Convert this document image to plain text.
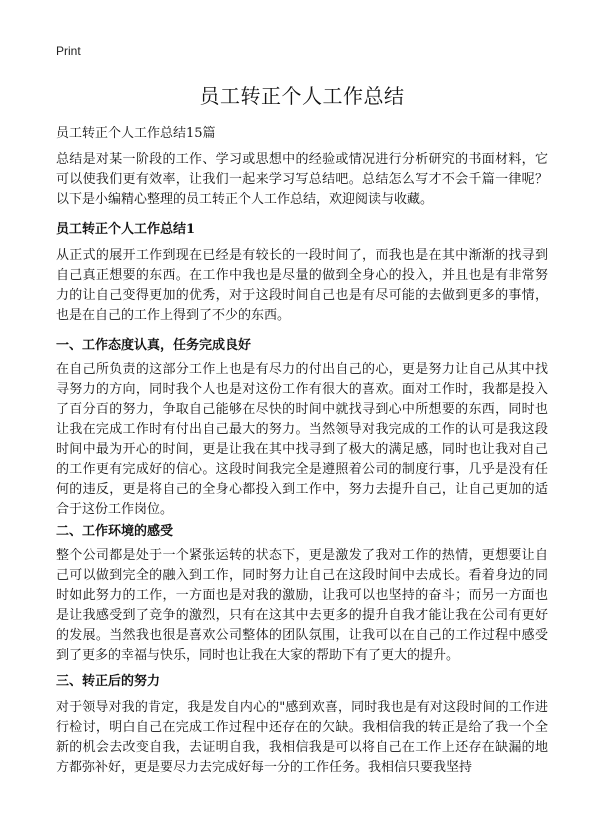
Print
员工转正个人工作总结

员工转正个人工作总结15篇

总结是对某一阶段的工作、学习或思想中的经验或情况进行分析研究的书面材料，它可以使我们更有效率，让我们一起来学习写总结吧。总结怎么写才不会千篇一律呢？以下是小编精心整理的员工转正个人工作总结，欢迎阅读与收藏。

员工转正个人工作总结1

从正式的展开工作到现在已经是有较长的一段时间了，而我也是在其中渐渐的找寻到自己真正想要的东西。在工作中我也是尽量的做到全身心的投入，并且也是有非常努力的让自己变得更加的优秀，对于这段时间自己也是有尽可能的去做到更多的事情，也是在自己的工作上得到了不少的东西。

一、工作态度认真，任务完成良好

在自己所负责的这部分工作上也是有尽力的付出自己的心，更是努力让自己从其中找寻努力的方向，同时我个人也是对这份工作有很大的喜欢。面对工作时，我都是投入了百分百的努力，争取自己能够在尽快的时间中就找寻到心中所想要的东西，同时也让我在完成工作时有付出自己最大的努力。当然领导对我完成的工作的认可是我这段时间中最为开心的时间，更是让我在其中找寻到了极大的满足感，同时也让我对自己的工作更有完成好的信心。这段时间我完全是遵照着公司的制度行事，几乎是没有任何的违反，更是将自己的全身心都投入到工作中，努力去提升自己，让自己更加的适合于这份工作岗位。

二、工作环境的感受

整个公司都是处于一个紧张运转的状态下，更是激发了我对工作的热情，更想要让自己可以做到完全的融入到工作，同时努力让自己在这段时间中去成长。看着身边的同时如此努力的工作，一方面也是对我的激励，让我可以也坚持的奋斗；而另一方面也是让我感受到了竞争的激烈，只有在这其中去更多的提升自我才能让我在公司有更好的发展。当然我也很是喜欢公司整体的团队氛围，让我可以在自己的工作过程中感受到了更多的幸福与快乐，同时也让我在大家的帮助下有了更大的提升。

三、转正后的努力

对于领导对我的肯定，我是发自内心的"感到欢喜，同时我也是有对这段时间的工作进行检讨，明白自己在完成工作过程中还存在的欠缺。我相信我的转正是给了我一个全新的机会去改变自我，去证明自我，我相信我是可以将自己在工作上还存在缺漏的地方都弥补好，更是要尽力去完成好每一分的工作任务。我相信只要我坚持
